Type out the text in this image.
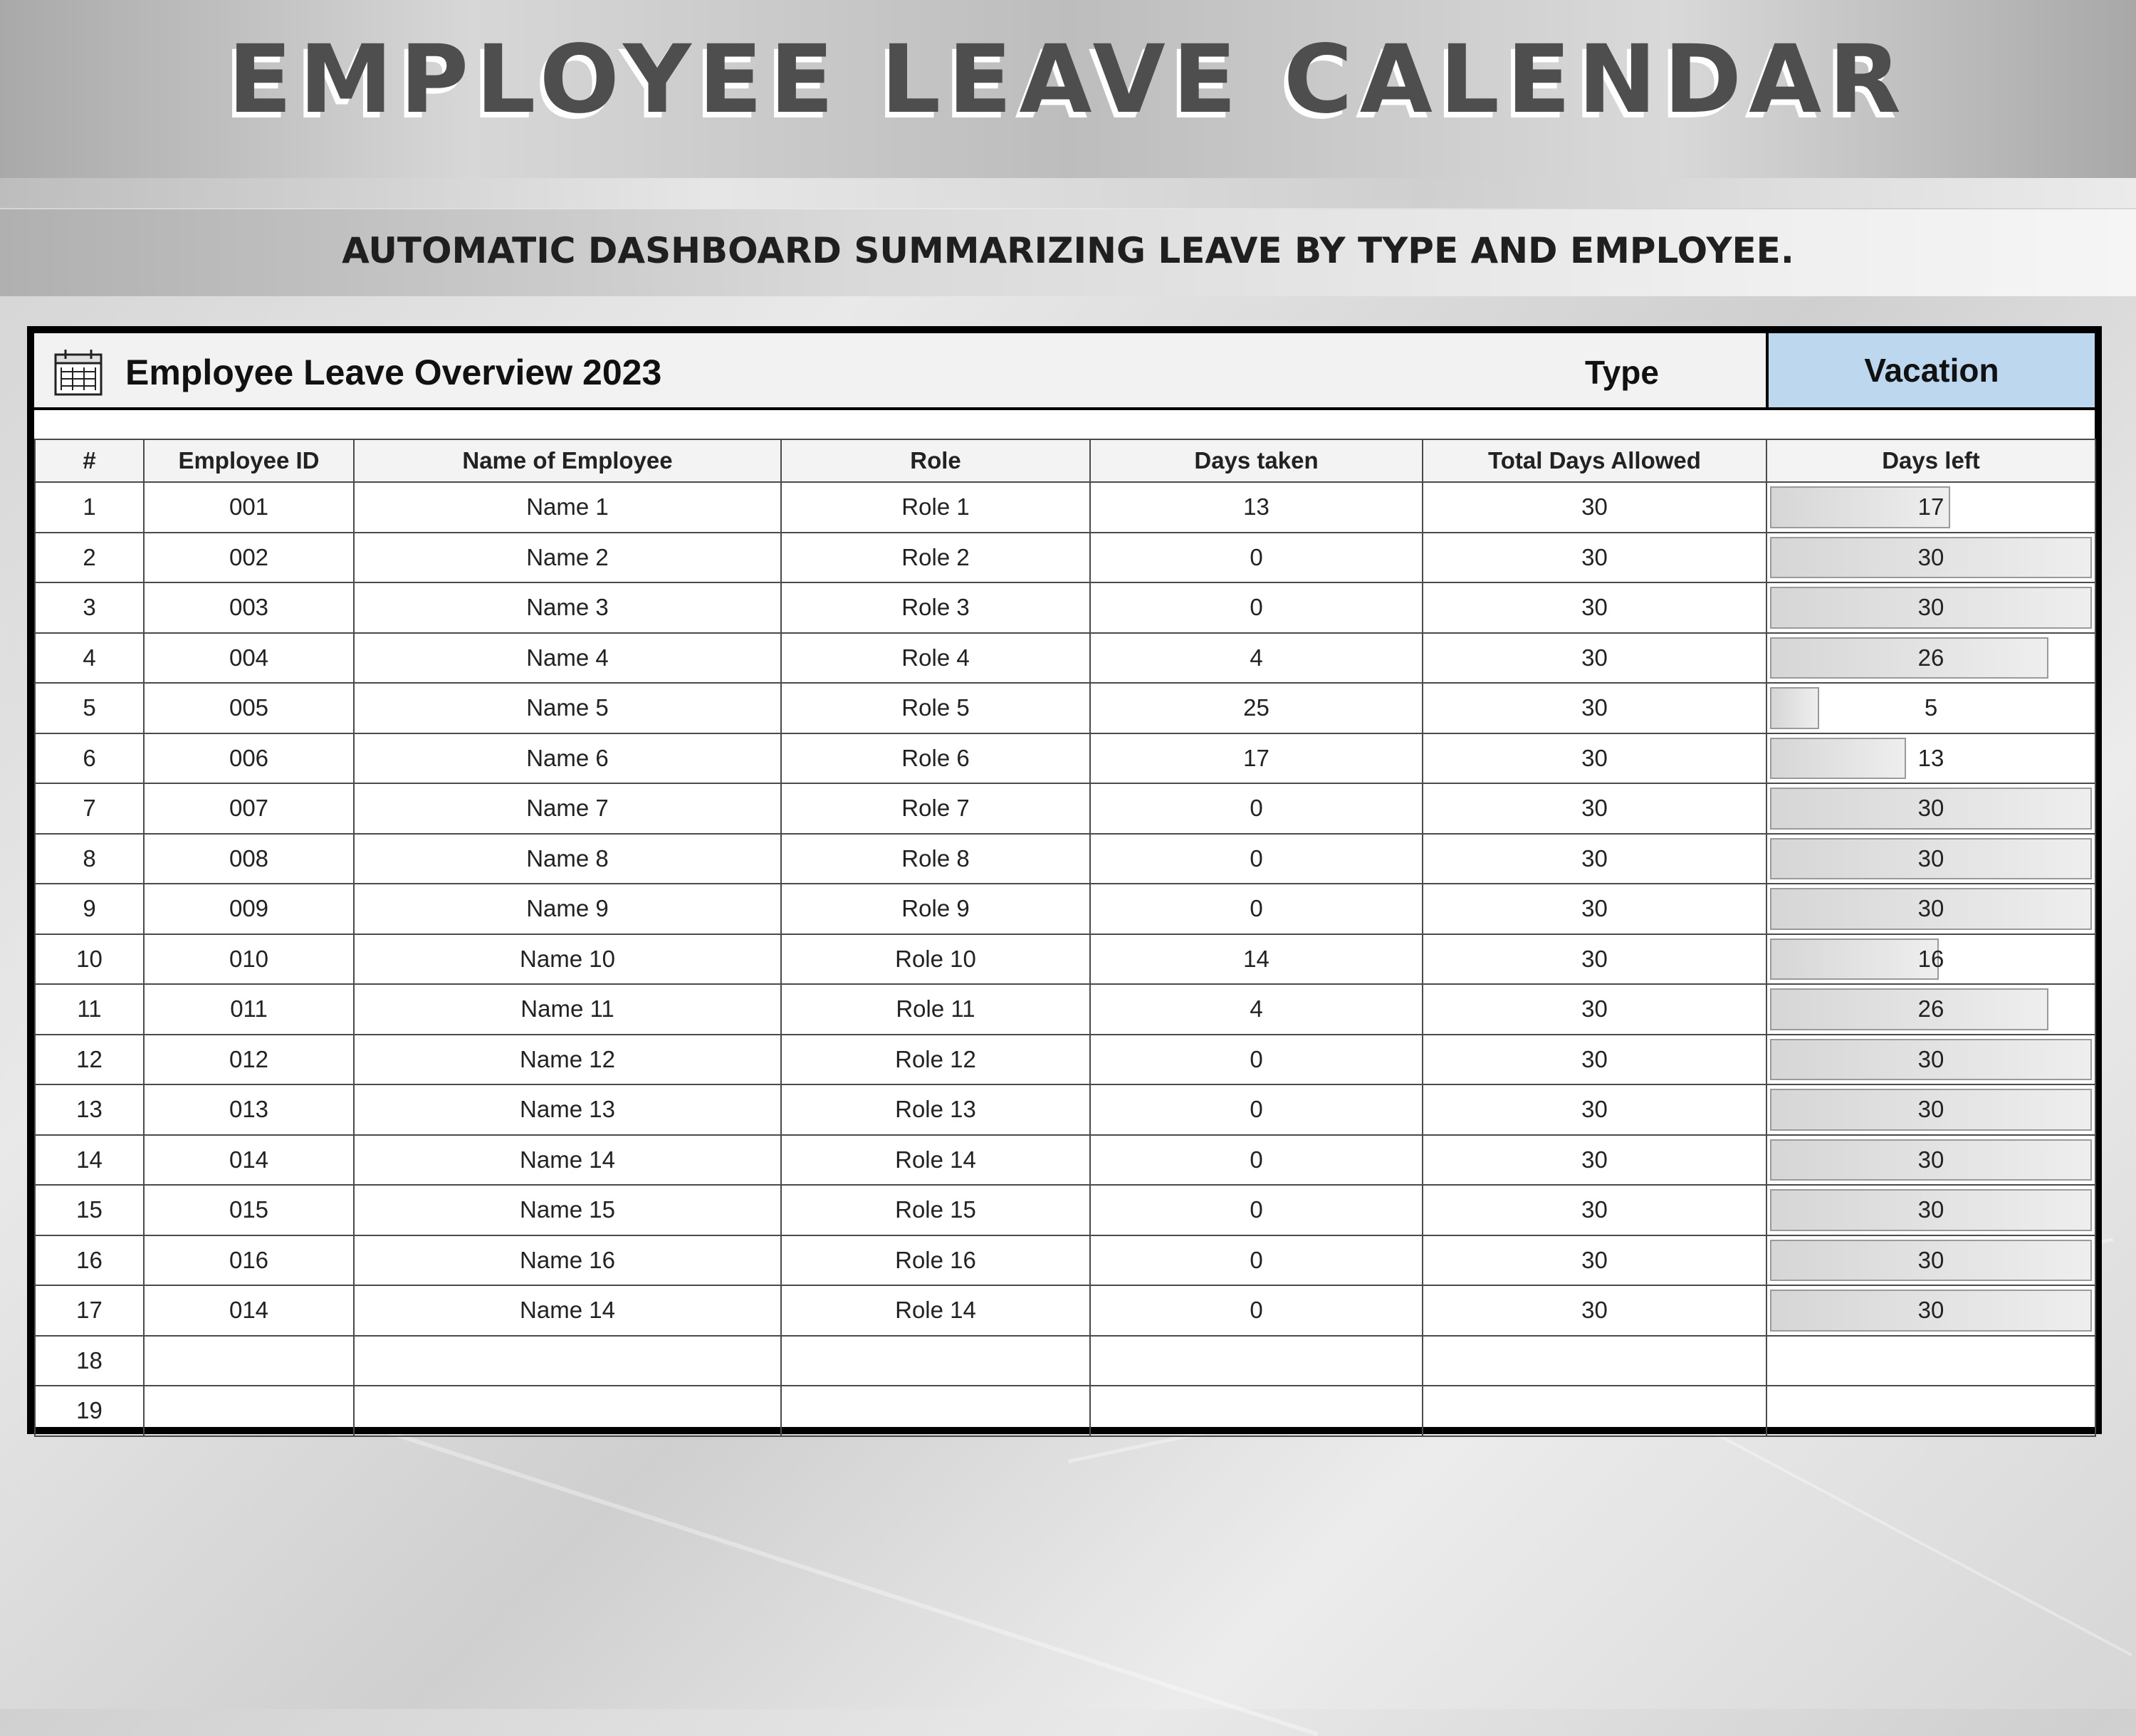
EMPLOYEE LEAVE CALENDAR
AUTOMATIC DASHBOARD SUMMARIZING LEAVE BY TYPE AND EMPLOYEE.
Employee Leave Overview 2023	Type	Vacation
#	Employee ID	Name of Employee	Role	Days taken	Total Days Allowed	Days left
1	001	Name 1	Role 1	13	30	17
2	002	Name 2	Role 2	0	30	30
3	003	Name 3	Role 3	0	30	30
4	004	Name 4	Role 4	4	30	26
5	005	Name 5	Role 5	25	30	5
6	006	Name 6	Role 6	17	30	13
7	007	Name 7	Role 7	0	30	30
8	008	Name 8	Role 8	0	30	30
9	009	Name 9	Role 9	0	30	30
10	010	Name 10	Role 10	14	30	16
11	011	Name 11	Role 11	4	30	26
12	012	Name 12	Role 12	0	30	30
13	013	Name 13	Role 13	0	30	30
14	014	Name 14	Role 14	0	30	30
15	015	Name 15	Role 15	0	30	30
16	016	Name 16	Role 16	0	30	30
17	014	Name 14	Role 14	0	30	30
18						
19						
